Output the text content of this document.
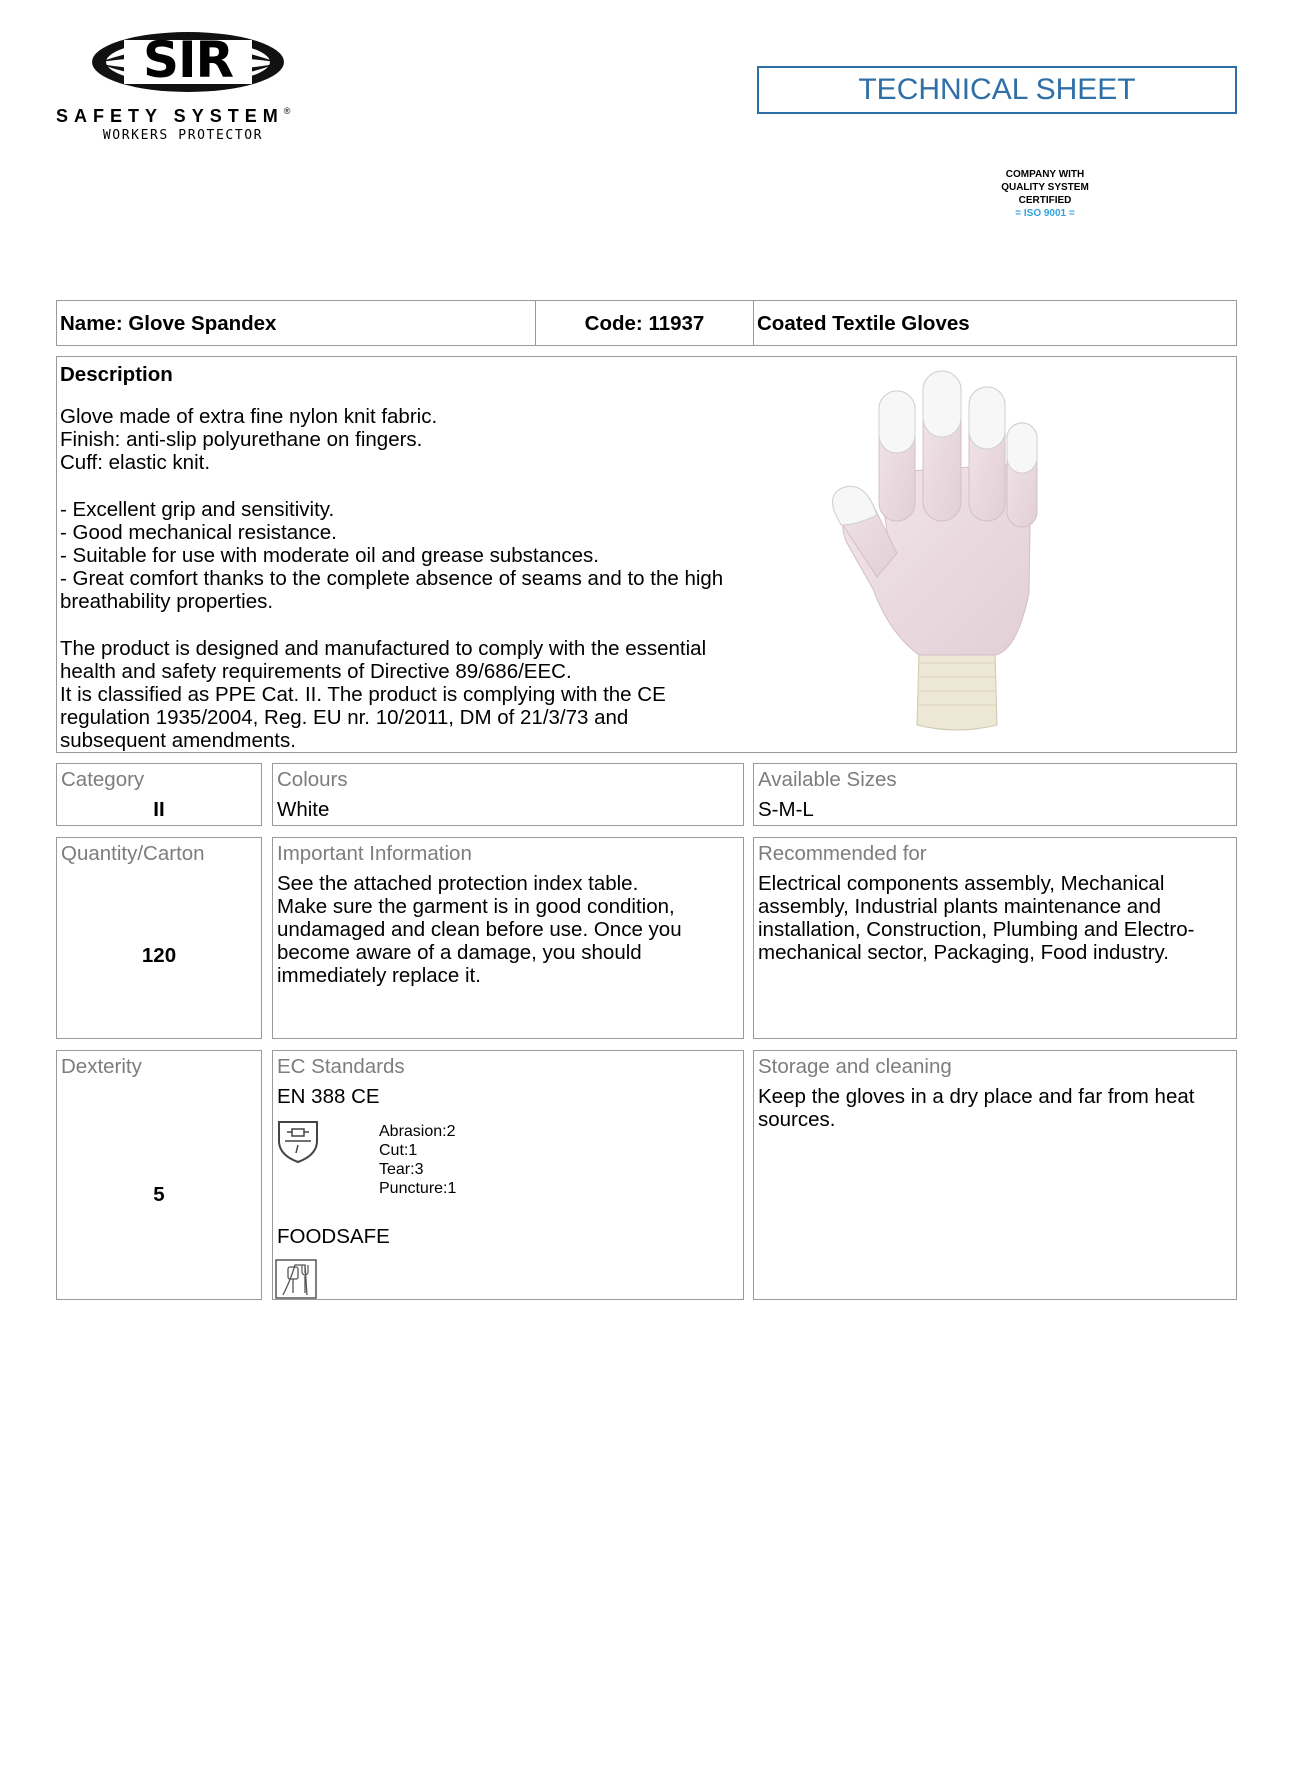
SIR
SAFETY SYSTEM®
WORKERS PROTECTOR
TECHNICAL SHEET
COMPANY WITH
QUALITY SYSTEM
CERTIFIED
= ISO 9001 =
Name: Glove Spandex	Code: 11937	Coated Textile Gloves
Description
Glove made of extra fine nylon knit fabric.
Finish: anti-slip polyurethane on fingers.
Cuff: elastic knit.
- Excellent grip and sensitivity.
- Good mechanical resistance.
- Suitable for use with moderate oil and grease substances.
- Great comfort thanks to the complete absence of seams and to the high breathability properties.
The product is designed and manufactured to comply with the essential health and safety requirements of Directive 89/686/EEC.
It is classified as PPE Cat. II. The product is complying with the CE regulation 1935/2004, Reg. EU nr. 10/2011, DM of 21/3/73 and subsequent amendments.
Category
II
Colours
White
Available Sizes
S-M-L
Quantity/Carton
120
Important Information
See the attached protection index table.
Make sure the garment is in good condition, undamaged and clean before use. Once you become aware of a damage, you should immediately replace it.
Recommended for
Electrical components assembly, Mechanical assembly, Industrial plants maintenance and installation, Construction, Plumbing and Electro-mechanical sector, Packaging, Food industry.
Dexterity
5
EC Standards
EN 388 CE
Abrasion:2
Cut:1
Tear:3
Puncture:1
FOODSAFE
Storage and cleaning
Keep the gloves in a dry place and far from heat sources.
